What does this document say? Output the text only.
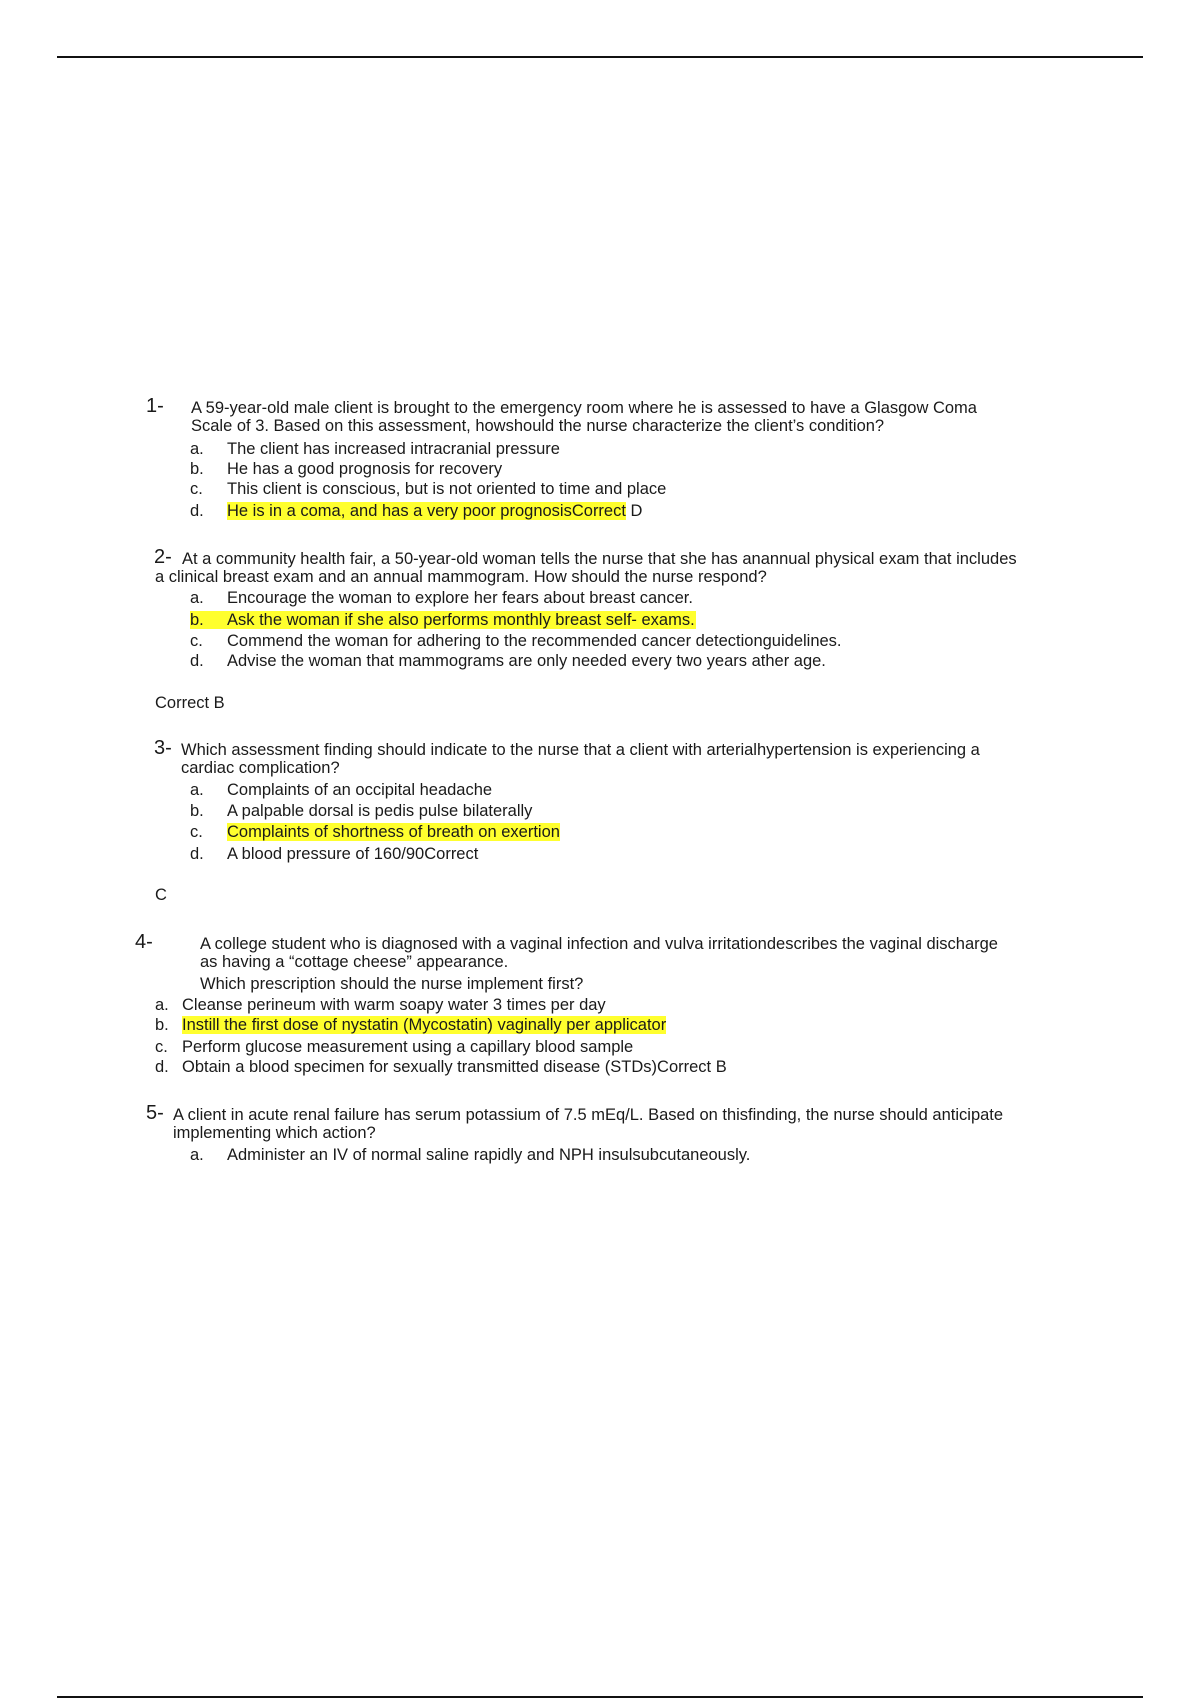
1- A 59-year-old male client is brought to the emergency room where he is assessed to have a Glasgow Coma Scale of 3. Based on this assessment, howshould the nurse characterize the client’s condition?
a. The client has increased intracranial pressure
b. He has a good prognosis for recovery
c. This client is conscious, but is not oriented to time and place
d. He is in a coma, and has a very poor prognosisCorrect D
2- At a community health fair, a 50-year-old woman tells the nurse that she has anannual physical exam that includes a clinical breast exam and an annual mammogram. How should the nurse respond?
a. Encourage the woman to explore her fears about breast cancer.
b. Ask the woman if she also performs monthly breast self- exams.
c. Commend the woman for adhering to the recommended cancer detectionguidelines.
d. Advise the woman that mammograms are only needed every two years ather age.
Correct B
3- Which assessment finding should indicate to the nurse that a client with arterialhypertension is experiencing a cardiac complication?
a. Complaints of an occipital headache
b. A palpable dorsal is pedis pulse bilaterally
c. Complaints of shortness of breath on exertion
d. A blood pressure of 160/90Correct
C
4-	A college student who is diagnosed with a vaginal infection and vulva irritationdescribes the vaginal discharge as having a “cottage cheese” appearance.
Which prescription should the nurse implement first?
a. Cleanse perineum with warm soapy water 3 times per day
b. Instill the first dose of nystatin (Mycostatin) vaginally per applicator
c. Perform glucose measurement using a capillary blood sample
d. Obtain a blood specimen for sexually transmitted disease (STDs)Correct B
5- A client in acute renal failure has serum potassium of 7.5 mEq/L. Based on thisfinding, the nurse should anticipate implementing which action?
a. Administer an IV of normal saline rapidly and NPH insulsubcutaneously.
